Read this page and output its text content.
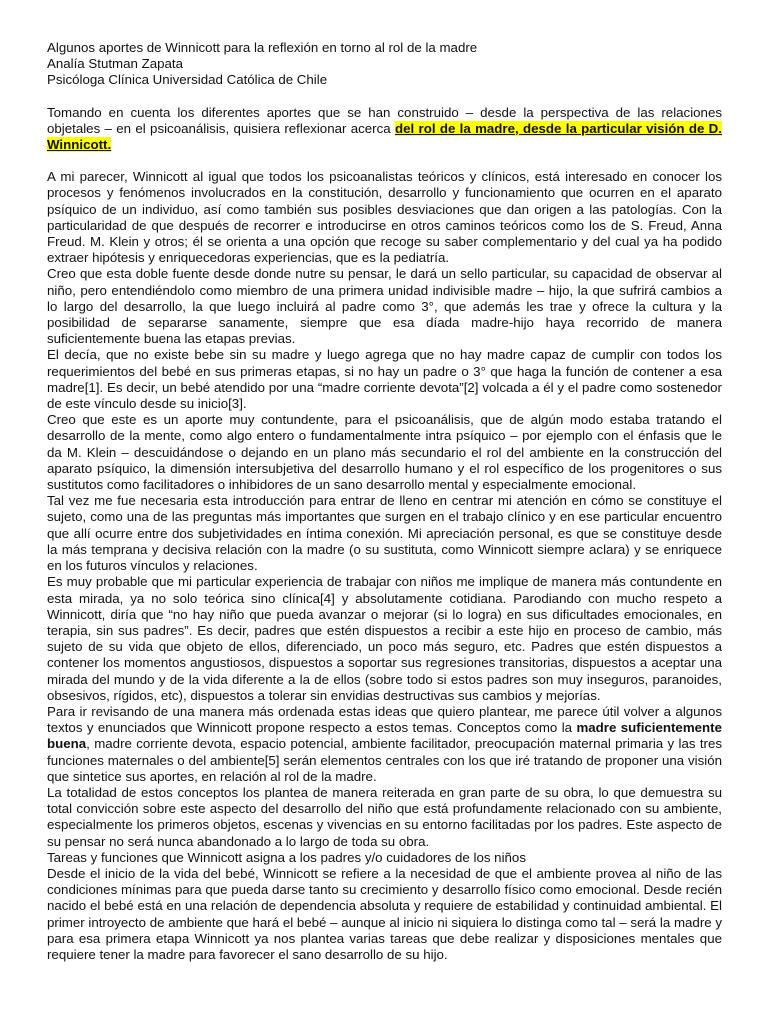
Algunos aportes de Winnicott para la reflexión en torno al rol de la madre

Analía Stutman Zapata

Psicóloga Clínica Universidad Católica de Chile

Tomando en cuenta los diferentes aportes que se han construido – desde la perspectiva de las relaciones objetales – en el psicoanálisis, quisiera reflexionar acerca del rol de la madre, desde la particular visión de D. Winnicott.

A mi parecer, Winnicott al igual que todos los psicoanalistas teóricos y clínicos, está interesado en conocer los procesos y fenómenos involucrados en la constitución, desarrollo y funcionamiento que ocurren en el aparato psíquico de un individuo, así como también sus posibles desviaciones que dan origen a las patologías. Con la particularidad de que después de recorrer e introducirse en otros caminos teóricos como los de S. Freud, Anna Freud. M. Klein y otros; él se orienta a una opción que recoge su saber complementario y del cual ya ha podido extraer hipótesis y enriquecedoras experiencias, que es la pediatría.

Creo que esta doble fuente desde donde nutre su pensar, le dará un sello particular, su capacidad de observar al niño, pero entendiéndolo como miembro de una primera unidad indivisible madre – hijo, la que sufrirá cambios a lo largo del desarrollo, la que luego incluirá al padre como 3°, que además les trae y ofrece la cultura y la posibilidad de separarse sanamente, siempre que esa díada madre-hijo haya recorrido de manera suficientemente buena las etapas previas.

El decía, que no existe bebe sin su madre y luego agrega que no hay madre capaz de cumplir con todos los requerimientos del bebé en sus primeras etapas, si no hay un padre o 3° que haga la función de contener a esa madre[1]. Es decir, un bebé atendido por una “madre corriente devota”[2] volcada a él y el padre como sostenedor de este vínculo desde su inicio[3].

Creo que este es un aporte muy contundente, para el psicoanálisis, que de algún modo estaba tratando el desarrollo de la mente, como algo entero o fundamentalmente intra psíquico – por ejemplo con el énfasis que le da M. Klein – descuidándose o dejando en un plano más secundario el rol del ambiente en la construcción del aparato psíquico, la dimensión intersubjetiva del desarrollo humano y el rol específico de los progenitores o sus sustitutos como facilitadores o inhibidores de un sano desarrollo mental y especialmente emocional.

Tal vez me fue necesaria esta introducción para entrar de lleno en centrar mi atención en cómo se constituye el sujeto, como una de las preguntas más importantes que surgen en el trabajo clínico y en ese particular encuentro que allí ocurre entre dos subjetividades en íntima conexión. Mi apreciación personal, es que se constituye desde la más temprana y decisiva relación con la madre (o su sustituta, como Winnicott siempre aclara) y se enriquece en los futuros vínculos y relaciones.

Es muy probable que mi particular experiencia de trabajar con niños me implique de manera más contundente en esta mirada, ya no solo teórica sino clínica[4] y absolutamente cotidiana. Parodiando con mucho respeto a Winnicott, diría que “no hay niño que pueda avanzar o mejorar (si lo logra) en sus dificultades emocionales, en terapia, sin sus padres”. Es decir, padres que estén dispuestos a recibir a este hijo en proceso de cambio, más sujeto de su vida que objeto de ellos, diferenciado, un poco más seguro, etc. Padres que estén dispuestos a contener los momentos angustiosos, dispuestos a soportar sus regresiones transitorias, dispuestos a aceptar una mirada del mundo y de la vida diferente a la de ellos (sobre todo si estos padres son muy inseguros, paranoides, obsesivos, rígidos, etc), dispuestos a tolerar sin envidias destructivas sus cambios y mejorías.

Para ir revisando de una manera más ordenada estas ideas que quiero plantear, me parece útil volver a algunos textos y enunciados que Winnicott propone respecto a estos temas. Conceptos como la madre suficientemente buena, madre corriente devota, espacio potencial, ambiente facilitador, preocupación maternal primaria y las tres funciones maternales o del ambiente[5] serán elementos centrales con los que iré tratando de proponer una visión que sintetice sus aportes, en relación al rol de la madre.

La totalidad de estos conceptos los plantea de manera reiterada en gran parte de su obra, lo que demuestra su total convicción sobre este aspecto del desarrollo del niño que está profundamente relacionado con su ambiente, especialmente los primeros objetos, escenas y vivencias en su entorno facilitadas por los padres. Este aspecto de su pensar no será nunca abandonado a lo largo de toda su obra.

Tareas y funciones que Winnicott asigna a los padres y/o cuidadores de los niños

Desde el inicio de la vida del bebé, Winnicott se refiere a la necesidad de que el ambiente provea al niño de las condiciones mínimas para que pueda darse tanto su crecimiento y desarrollo físico como emocional. Desde recién nacido el bebé está en una relación de dependencia absoluta y requiere de estabilidad y continuidad ambiental. El primer introyecto de ambiente que hará el bebé – aunque al inicio ni siquiera lo distinga como tal – será la madre y para esa primera etapa Winnicott ya nos plantea varias tareas que debe realizar y disposiciones mentales que requiere tener la madre para favorecer el sano desarrollo de su hijo.
